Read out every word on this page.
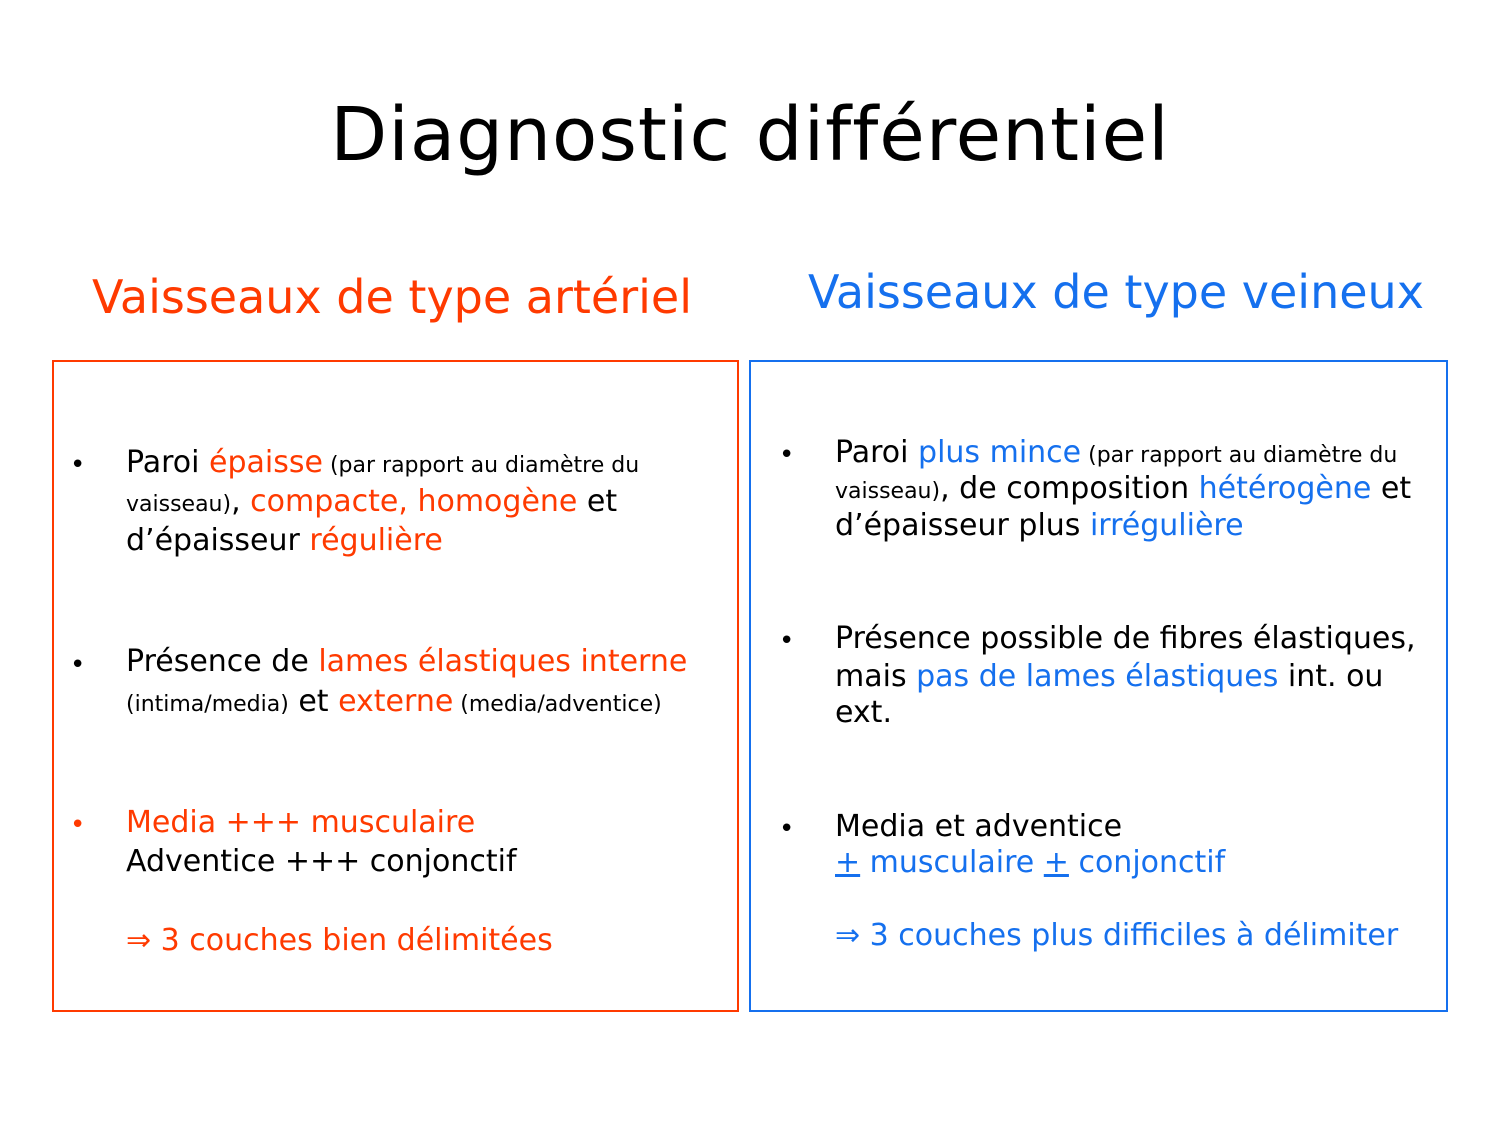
Diagnostic différentiel
Vaisseaux de type artériel	Vaisseaux de type veineux
• Paroi épaisse (par rapport au diamètre du
vaisseau), compacte, homogène et
d’épaisseur régulière
• Présence de lames élastiques interne
(intima/media) et externe (media/adventice)
• Media +++ musculaire
Adventice +++ conjonctif
⇒ 3 couches bien délimitées
• Paroi plus mince (par rapport au diamètre du
vaisseau), de composition hétérogène et
d’épaisseur plus irrégulière
• Présence possible de fibres élastiques,
mais pas de lames élastiques int. ou
ext.
• Media et adventice
+ musculaire + conjonctif
⇒ 3 couches plus difficiles à délimiter
